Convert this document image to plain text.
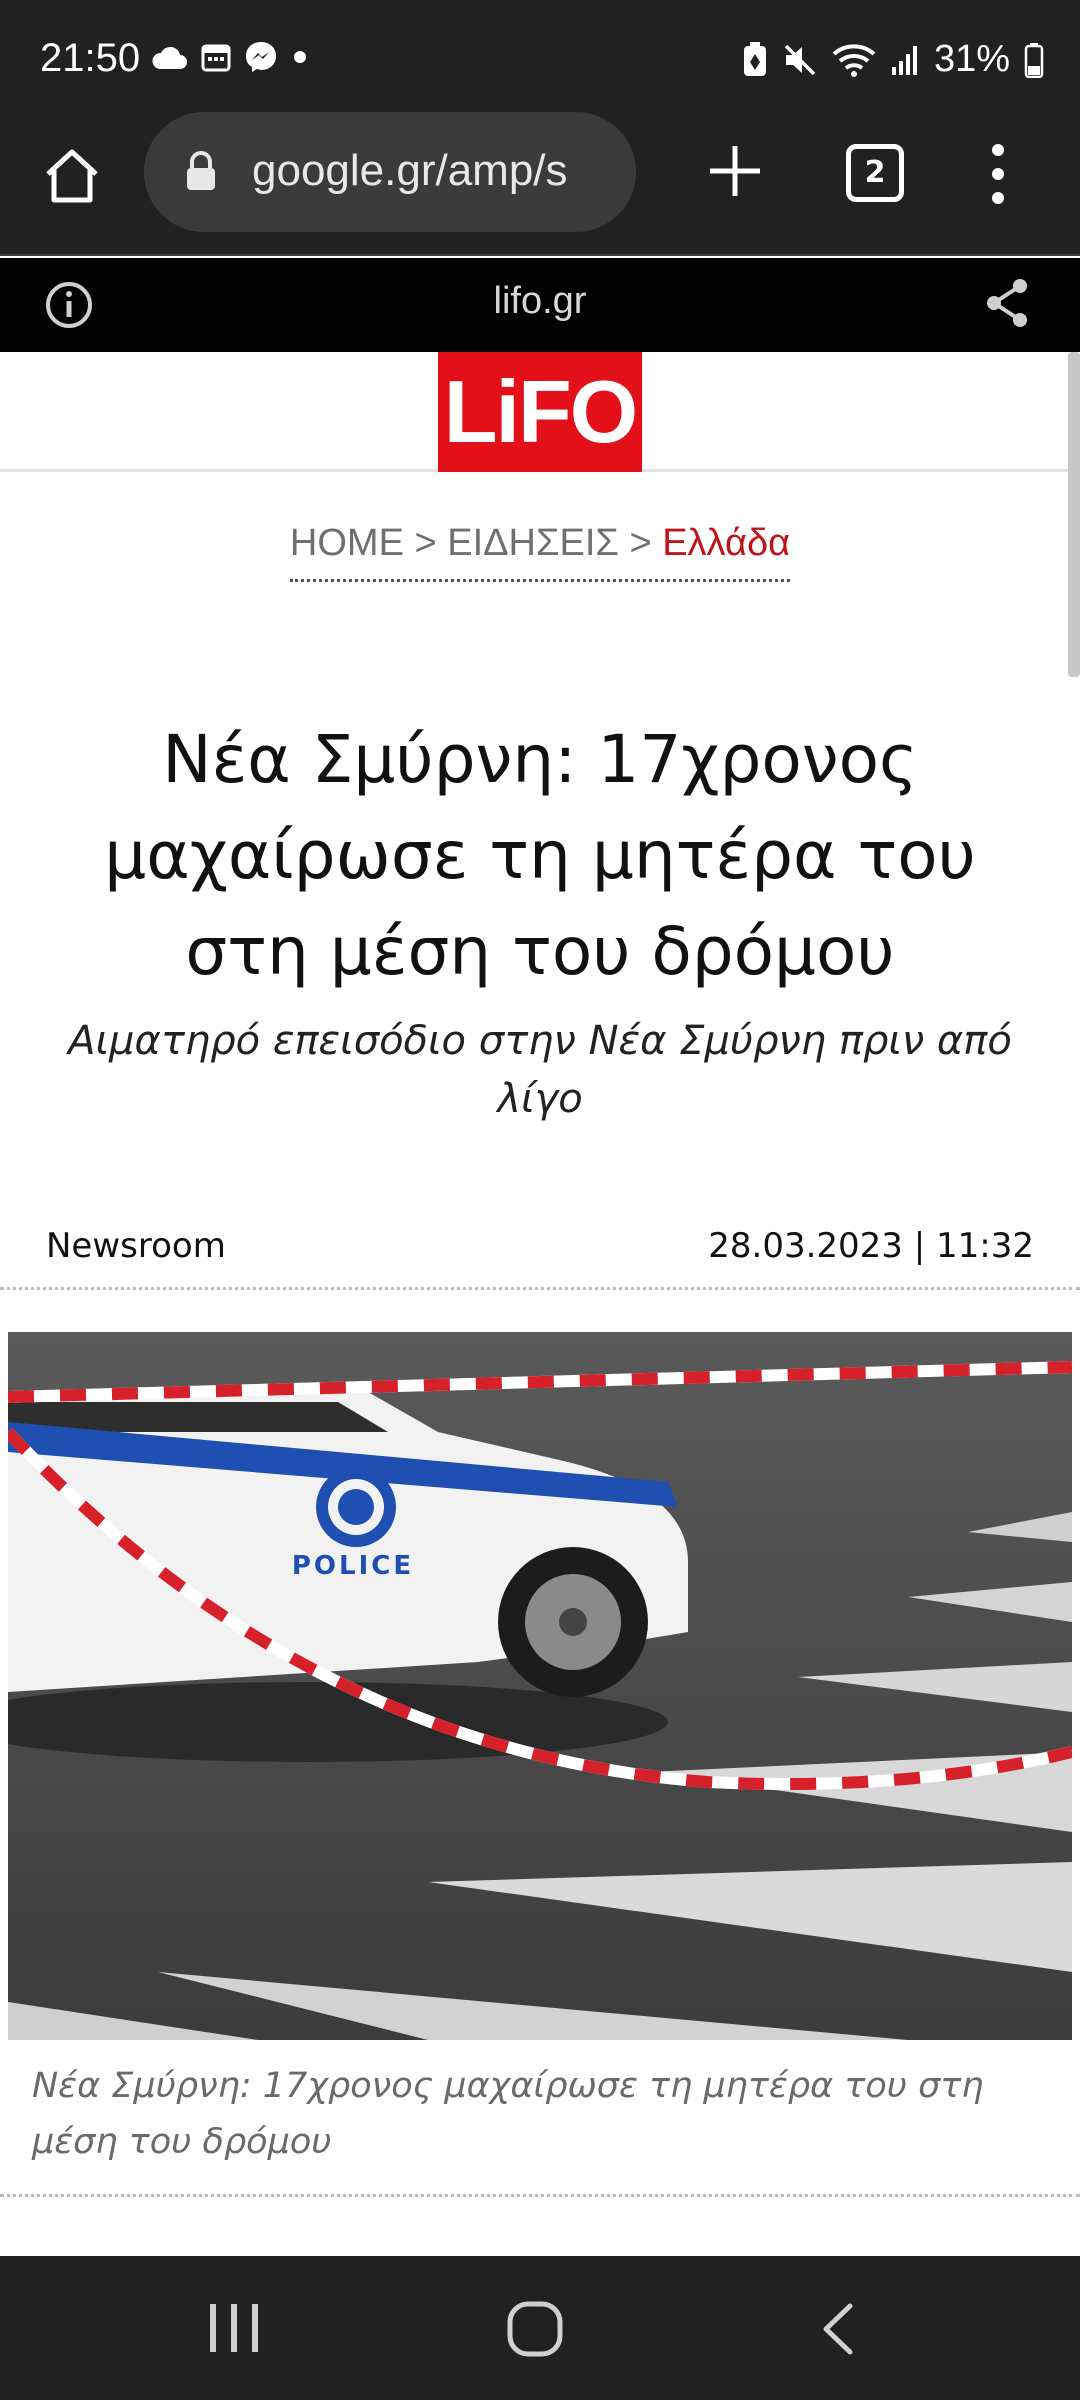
21:50	31%
google.gr/amp/s	2
lifo.gr
LiFO
HOME > ΕΙΔΗΣΕΙΣ > Ελλάδα
Νέα Σμύρνη: 17χρονος μαχαίρωσε τη μητέρα του στη μέση του δρόμου

Αιματηρό επεισόδιο στην Νέα Σμύρνη πριν από λίγο

Newsroom	28.03.2023 | 11:32
POLICE

Νέα Σμύρνη: 17χρονος μαχαίρωσε τη μητέρα του στη μέση του δρόμου
